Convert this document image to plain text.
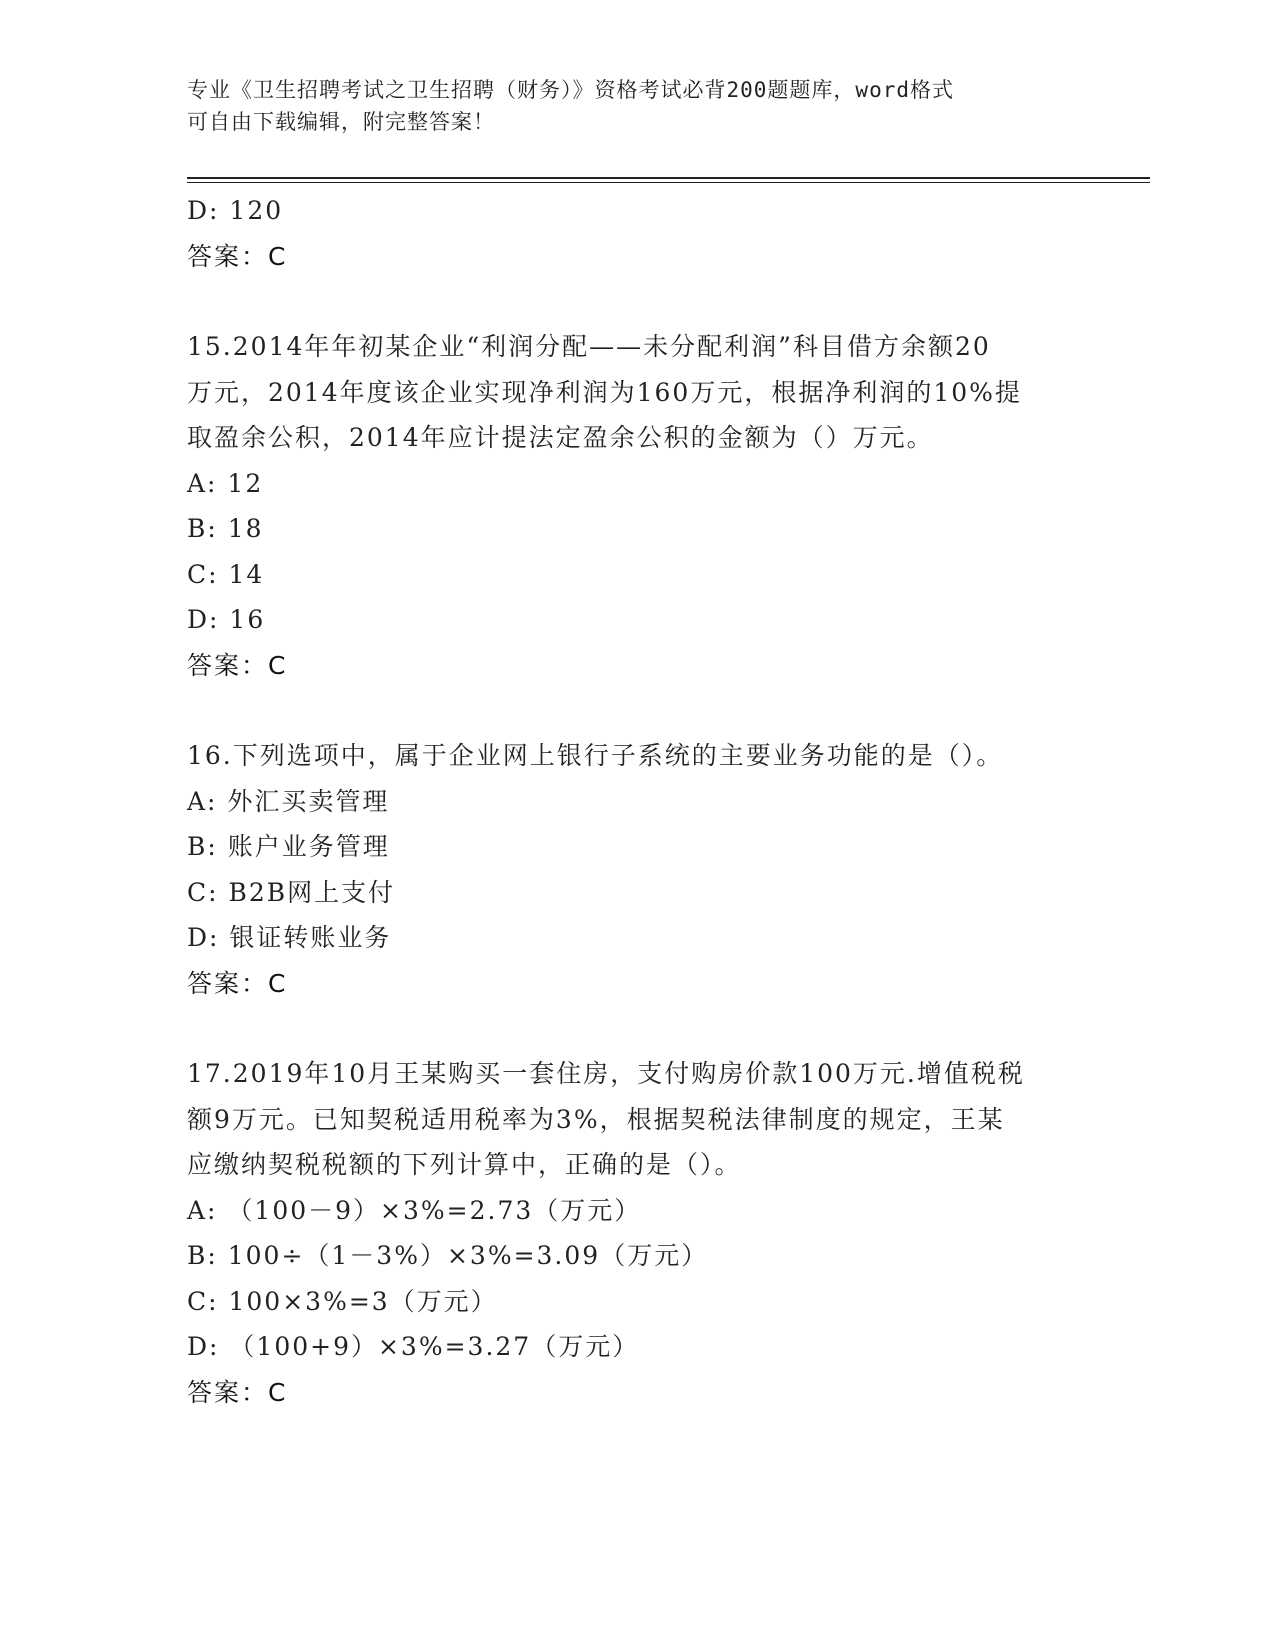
专业《卫生招聘考试之卫生招聘（财务）》资格考试必背200题题库，word格式
可自由下载编辑，附完整答案！
D: 120
答案：C
15.2014年年初某企业“利润分配——未分配利润”科目借方余额20
万元，2014年度该企业实现净利润为160万元，根据净利润的10%提
取盈余公积，2014年应计提法定盈余公积的金额为（）万元。
A: 12
B: 18
C: 14
D: 16
答案：C
16.下列选项中，属于企业网上银行子系统的主要业务功能的是（）。
A: 外汇买卖管理
B: 账户业务管理
C: B2B网上支付
D: 银证转账业务
答案：C
17.2019年10月王某购买一套住房，支付购房价款100万元.增值税税
额9万元。已知契税适用税率为3%，根据契税法律制度的规定，王某
应缴纳契税税额的下列计算中，正确的是（）。
A: （100－9）×3%=2.73（万元）
B: 100÷（1－3%）×3%=3.09（万元）
C: 100×3%=3（万元）
D: （100+9）×3%=3.27（万元）
答案：C
